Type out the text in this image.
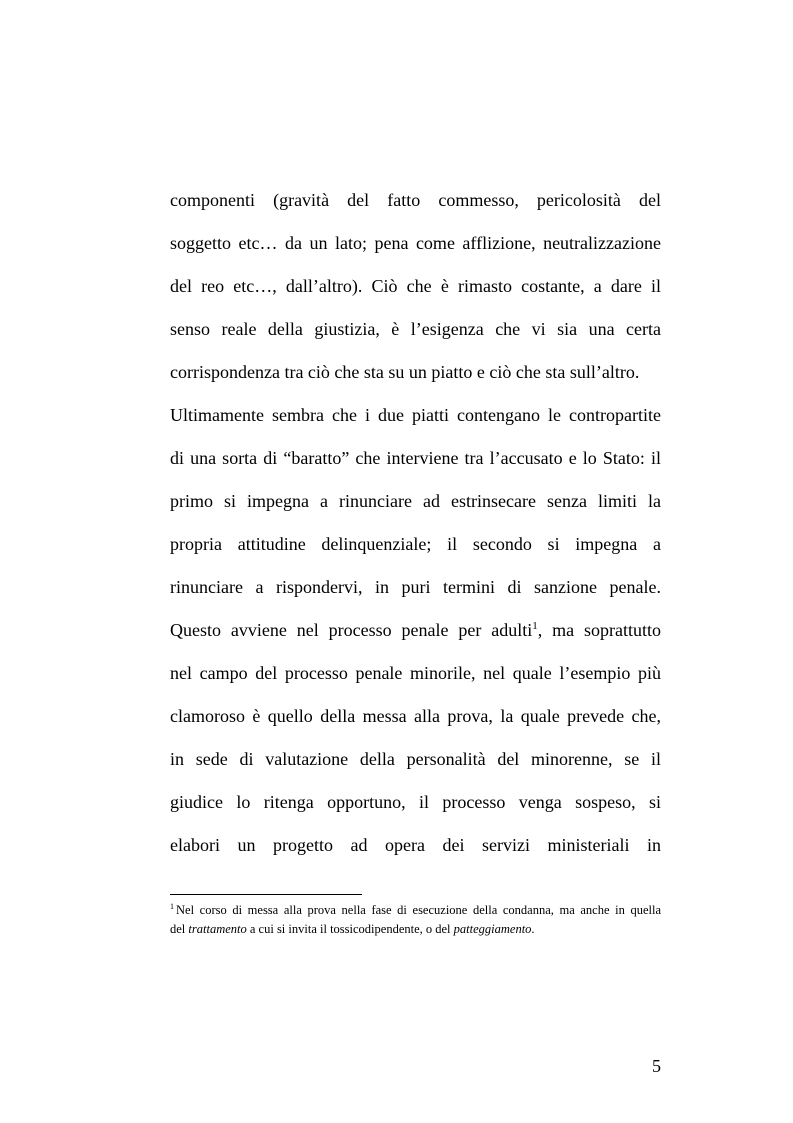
componenti (gravità del fatto commesso, pericolosità del
soggetto etc… da un lato; pena come afflizione, neutralizzazione
del reo etc…, dall’altro). Ciò che è rimasto costante, a dare il
senso reale della giustizia, è l’esigenza che vi sia una certa
corrispondenza tra ciò che sta su un piatto e ciò che sta sull’altro.
Ultimamente sembra che i due piatti contengano le contropartite
di una sorta di “baratto” che interviene tra l’accusato e lo Stato: il
primo si impegna a rinunciare ad estrinsecare senza limiti la
propria attitudine delinquenziale; il secondo si impegna a
rinunciare a rispondervi, in puri termini di sanzione penale.
Questo avviene nel processo penale per adulti$^1$, ma soprattutto
nel campo del processo penale minorile, nel quale l’esempio più
clamoroso è quello della messa alla prova, la quale prevede che,
in sede di valutazione della personalità del minorenne, se il
giudice lo ritenga opportuno, il processo venga sospeso, si
elabori un progetto ad opera dei servizi ministeriali in
$^1$ Nel corso di messa alla prova nella fase di esecuzione della condanna, ma anche in quella
del trattamento a cui si invita il tossicodipendente, o del patteggiamento.
5
